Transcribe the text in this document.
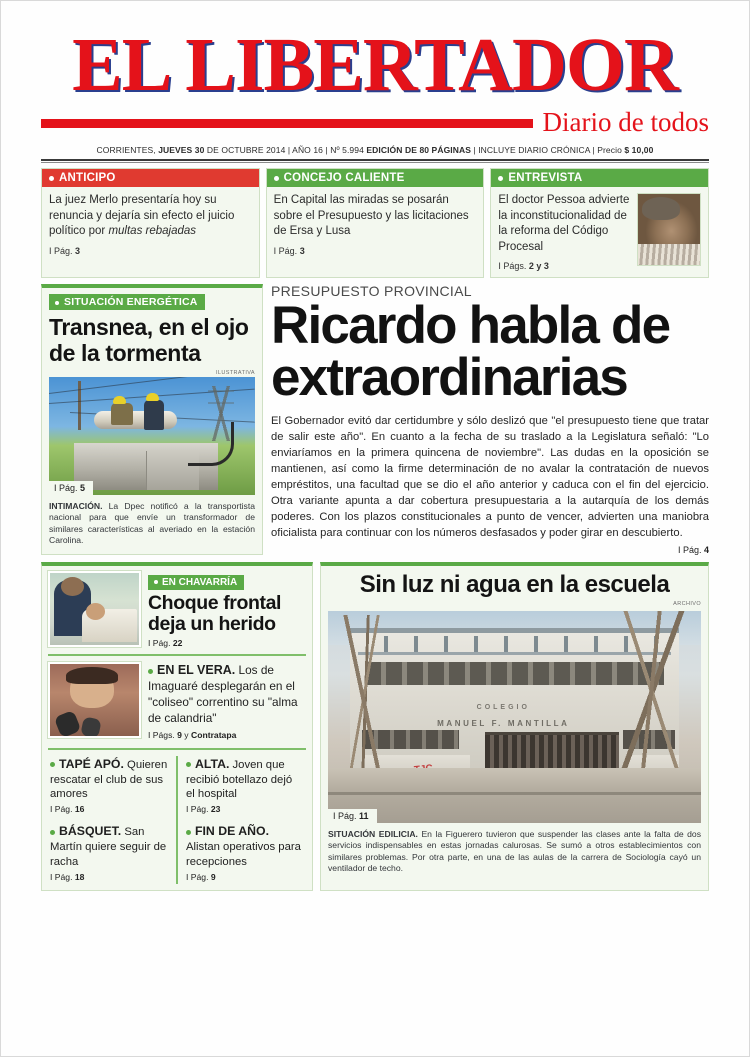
EL LIBERTADOR
Diario de todos
CORRIENTES, JUEVES 30 DE OCTUBRE 2014 | AÑO 16 | Nº 5.994 EDICIÓN DE 80 PÁGINAS | INCLUYE DIARIO CRÓNICA | Precio $ 10,00
ANTICIPO
La juez Merlo presentaría hoy su renuncia y dejaría sin efecto el juicio político por multas rebajadas
I Pág. 3
CONCEJO CALIENTE
En Capital las miradas se posarán sobre el Presupuesto y las licitaciones de Ersa y Lusa
I Pág. 3
ENTREVISTA
El doctor Pessoa advierte la inconstitucionalidad de la reforma del Código Procesal
I Págs. 2 y 3
SITUACIÓN ENERGÉTICA
Transnea, en el ojo de la tormenta
ILUSTRATIVA
I Pág. 5
INTIMACIÓN. La Dpec notificó a la transportista nacional para que envíe un transformador de similares características al averiado en la estación Carolina.
PRESUPUESTO PROVINCIAL
Ricardo habla de
extraordinarias
El Gobernador evitó dar certidumbre y sólo deslizó que "el presupuesto tiene que tratar de salir este año". En cuanto a la fecha de su traslado a la Legislatura señaló: "Lo enviaríamos en la primera quincena de noviembre". Las dudas en la oposición se mantienen, así como la firme determinación de no avalar la contratación de nuevos empréstitos, una facultad que se dio el año anterior y caduca con el fin del ejercicio. Otra variante apunta a dar cobertura presupuestaria a la autarquía de los demás poderes. Con los plazos constitucionales a punto de vencer, advierten una maniobra oficialista para continuar con los números desfasados y poder girar en descubierto.
I Pág. 4
EN CHAVARRÍA
Choque frontal deja un herido
I Pág. 22
EN EL VERA. Los de Imaguaré desplegarán en el "coliseo" correntino su "alma de calandria"
I Págs. 9 y Contratapa
TAPÉ APÓ. Quieren rescatar el club de sus amores
I Pág. 16
BÁSQUET. San Martín quiere seguir de racha
I Pág. 18
ALTA. Joven que recibió botellazo dejó el hospital
I Pág. 23
FIN DE AÑO. Alistan operativos para recepciones
I Pág. 9
Sin luz ni agua en la escuela
ARCHIVO
COLEGIO
MANUEL F. MANTILLA
I Pág. 11
SITUACIÓN EDILICIA. En la Figuerero tuvieron que suspender las clases ante la falta de dos servicios indispensables en estas jornadas calurosas. Se sumó a otros establecimientos con similares problemas. Por otra parte, en una de las aulas de la carrera de Sociología cayó un ventilador de techo.
